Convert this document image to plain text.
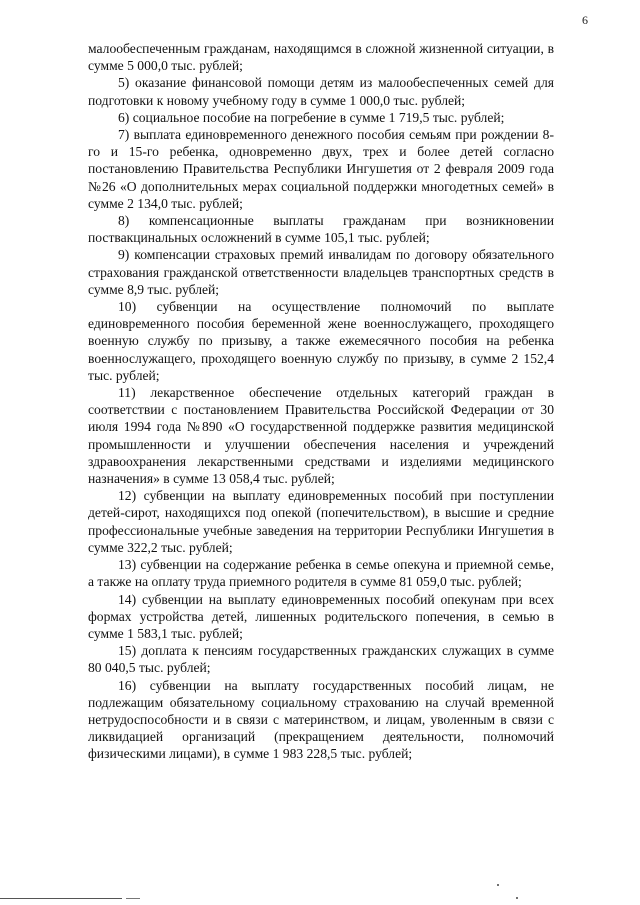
6

малообеспеченным гражданам, находящимся в сложной жизненной ситуации, в сумме 5 000,0 тыс. рублей;

5) оказание финансовой помощи детям из малообеспеченных семей для подготовки к новому учебному году в сумме 1 000,0 тыс. рублей;

6) социальное пособие на погребение в сумме 1 719,5 тыс. рублей;

7) выплата единовременного денежного пособия семьям при рождении 8-го и 15-го ребенка, одновременно двух, трех и более детей согласно постановлению Правительства Республики Ингушетия от 2 февраля 2009 года №26 «О дополнительных мерах социальной поддержки многодетных семей» в сумме 2 134,0 тыс. рублей;

8) компенсационные выплаты гражданам при возникновении поствакцинальных осложнений в сумме 105,1 тыс. рублей;

9) компенсации страховых премий инвалидам по договору обязательного страхования гражданской ответственности владельцев транспортных средств в сумме 8,9 тыс. рублей;

10) субвенции на осуществление полномочий по выплате единовременного пособия беременной жене военнослужащего, проходящего военную службу по призыву, а также ежемесячного пособия на ребенка военнослужащего, проходящего военную службу по призыву, в сумме 2 152,4 тыс. рублей;

11) лекарственное обеспечение отдельных категорий граждан в соответствии с постановлением Правительства Российской Федерации от 30 июля 1994 года №890 «О государственной поддержке развития медицинской промышленности и улучшении обеспечения населения и учреждений здравоохранения лекарственными средствами и изделиями медицинского назначения» в сумме 13 058,4 тыс. рублей;

12) субвенции на выплату единовременных пособий при поступлении детей-сирот, находящихся под опекой (попечительством), в высшие и средние профессиональные учебные заведения на территории Республики Ингушетия в сумме 322,2 тыс. рублей;

13) субвенции на содержание ребенка в семье опекуна и приемной семье, а также на оплату труда приемного родителя в сумме 81 059,0 тыс. рублей;

14) субвенции на выплату единовременных пособий опекунам при всех формах устройства детей, лишенных родительского попечения, в семью в сумме 1 583,1 тыс. рублей;

15) доплата к пенсиям государственных гражданских служащих в сумме 80 040,5 тыс. рублей;

16) субвенции на выплату государственных пособий лицам, не подлежащим обязательному социальному страхованию на случай временной нетрудоспособности и в связи с материнством, и лицам, уволенным в связи с ликвидацией организаций (прекращением деятельности, полномочий физическими лицами), в сумме 1 983 228,5 тыс. рублей;
